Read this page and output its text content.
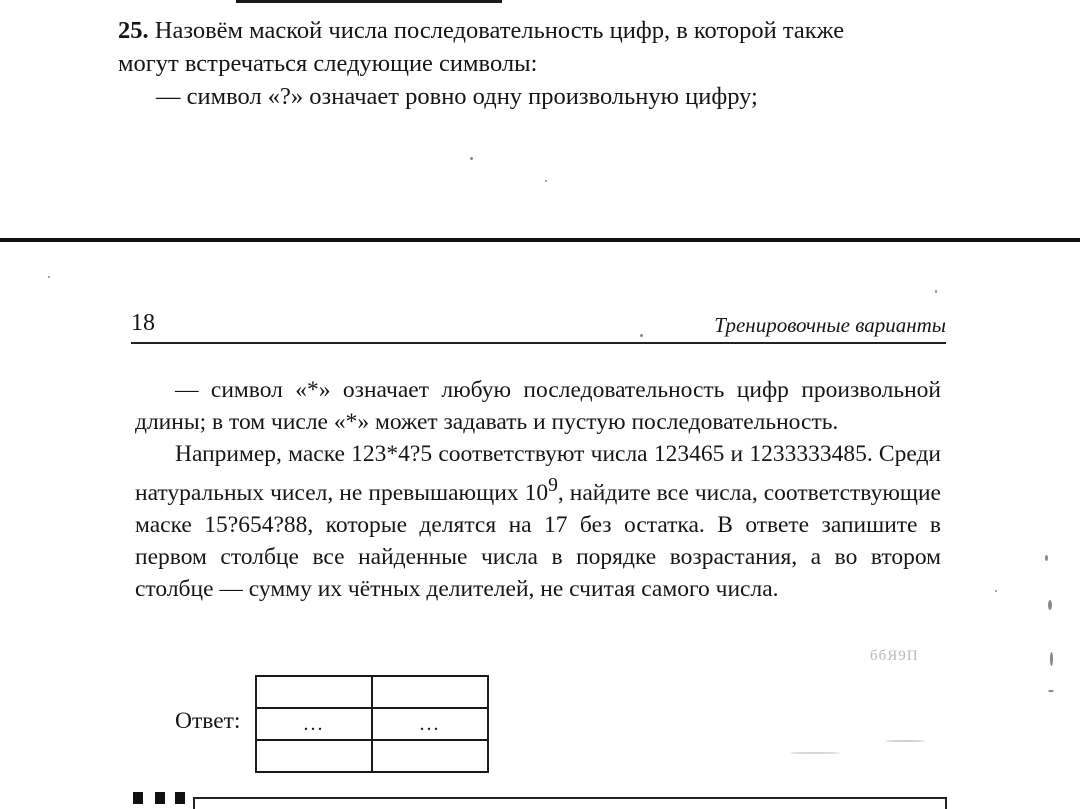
25. Назовём маской числа последовательность цифр, в которой также

могут встречаться следующие символы:

— символ «?» означает ровно одну произвольную цифру;

18	Тренировочные варианты

— символ «*» означает любую последовательность цифр произвольной длины; в том числе «*» может задавать и пустую последовательность.

Например, маске 123*4?5 соответствуют числа 123465 и 1233333485. Среди натуральных чисел, не превышающих $10^9$, найдите все числа, соответствующие маске 15?654?88, которые делятся на 17 без остатка. В ответе запишите в первом столбце все найденные числа в порядке возрастания, а во втором столбце — сумму их чётных делителей, не считая самого числа.

Ответ:
		...	...

ббЯ9П
